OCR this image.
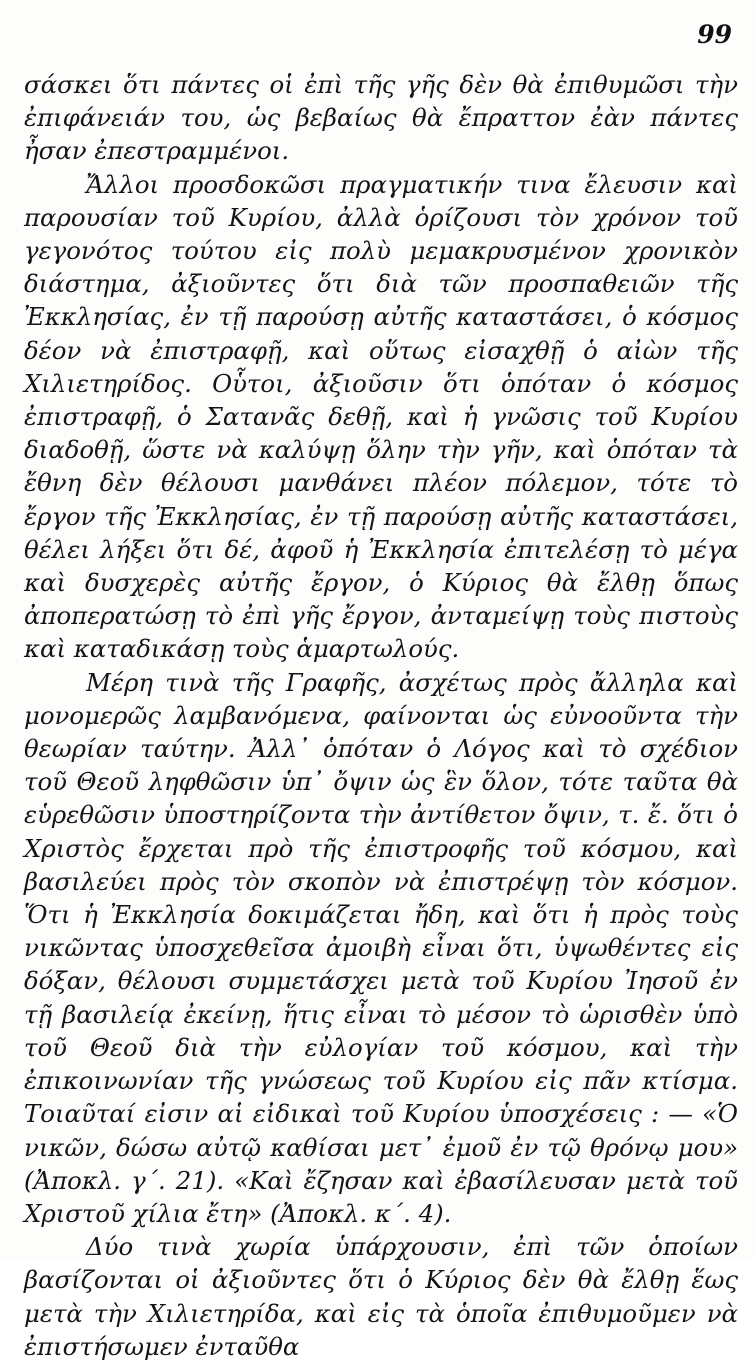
99

σάσκει ὅτι πάντες οἱ ἐπὶ τῆς γῆς δὲν θὰ ἐπιθυμῶσι τὴν ἐπιφάνειάν του, ὡς βεβαίως θὰ ἔπραττον ἐὰν πάντες ἦσαν ἐπεστραμμένοι.

Ἄλλοι προσδοκῶσι πραγματικήν τινα ἔλευσιν καὶ παρουσίαν τοῦ Κυρίου, ἀλλὰ ὁρίζουσι τὸν χρόνον τοῦ γεγονότος τούτου εἰς πολὺ μεμακρυσμένον χρονικὸν διάστημα, ἀξιοῦντες ὅτι διὰ τῶν προσπαθειῶν τῆς Ἐκκλησίας, ἐν τῇ παρούσῃ αὐτῆς καταστάσει, ὁ κόσμος δέον νὰ ἐπιστραφῇ, καὶ οὕτως εἰσαχθῇ ὁ αἰὼν τῆς Χιλιετηρίδος. Οὗτοι, ἀξιοῦσιν ὅτι ὁπόταν ὁ κόσμος ἐπιστραφῇ, ὁ Σατανᾶς δεθῇ, καὶ ἡ γνῶσις τοῦ Κυρίου διαδοθῇ, ὥστε νὰ καλύψῃ ὅλην τὴν γῆν, καὶ ὁπόταν τὰ ἔθνη δὲν θέλουσι μανθάνει πλέον πόλεμον, τότε τὸ ἔργον τῆς Ἐκκλησίας, ἐν τῇ παρούσῃ αὐτῆς καταστάσει, θέλει λήξει ὅτι δέ, ἀφοῦ ἡ Ἐκκλησία ἐπιτελέσῃ τὸ μέγα καὶ δυσχερὲς αὐτῆς ἔργον, ὁ Κύριος θὰ ἔλθῃ ὅπως ἀποπερατώσῃ τὸ ἐπὶ γῆς ἔργον, ἀνταμείψῃ τοὺς πιστοὺς καὶ καταδικάσῃ τοὺς ἁμαρτωλούς.

Μέρη τινὰ τῆς Γραφῆς, ἀσχέτως πρὸς ἄλληλα καὶ μονομερῶς λαμβανόμενα, φαίνονται ὡς εὐνοοῦντα τὴν θεωρίαν ταύτην. Ἀλλ᾿ ὁπόταν ὁ Λόγος καὶ τὸ σχέδιον τοῦ Θεοῦ ληφθῶσιν ὑπ᾿ ὄψιν ὡς ἓν ὅλον, τότε ταῦτα θὰ εὑρεθῶσιν ὑποστηρίζοντα τὴν ἀντίθετον ὄψιν, τ. ἔ. ὅτι ὁ Χριστὸς ἔρχεται πρὸ τῆς ἐπιστροφῆς τοῦ κόσμου, καὶ βασιλεύει πρὸς τὸν σκοπὸν νὰ ἐπιστρέψῃ τὸν κόσμον. Ὅτι ἡ Ἐκκλησία δοκιμάζεται ἤδη, καὶ ὅτι ἡ πρὸς τοὺς νικῶντας ὑποσχεθεῖσα ἀμοιβὴ εἶναι ὅτι, ὑψωθέντες εἰς δόξαν, θέλουσι συμμετάσχει μετὰ τοῦ Κυρίου Ἰησοῦ ἐν τῇ βασιλείᾳ ἐκείνῃ, ἥτις εἶναι τὸ μέσον τὸ ὡρισθὲν ὑπὸ τοῦ Θεοῦ διὰ τὴν εὐλογίαν τοῦ κόσμου, καὶ τὴν ἐπικοινωνίαν τῆς γνώσεως τοῦ Κυρίου εἰς πᾶν κτίσμα. Τοιαῦταί εἰσιν αἱ εἰδικαὶ τοῦ Κυρίου ὑποσχέσεις : — «Ὁ νικῶν, δώσω αὐτῷ καθίσαι μετ᾿ ἐμοῦ ἐν τῷ θρόνῳ μου» (Ἀποκλ. γ΄. 21). «Καὶ ἔζησαν καὶ ἐβασίλευσαν μετὰ τοῦ Χριστοῦ χίλια ἔτη» (Ἀποκλ. κ΄. 4).

Δύο τινὰ χωρία ὑπάρχουσιν, ἐπὶ τῶν ὁποίων βασίζονται οἱ ἀξιοῦντες ὅτι ὁ Κύριος δὲν θὰ ἔλθῃ ἕως μετὰ τὴν Χιλιετηρίδα, καὶ εἰς τὰ ὁποῖα ἐπιθυμοῦμεν νὰ ἐπιστήσωμεν ἐνταῦθα
